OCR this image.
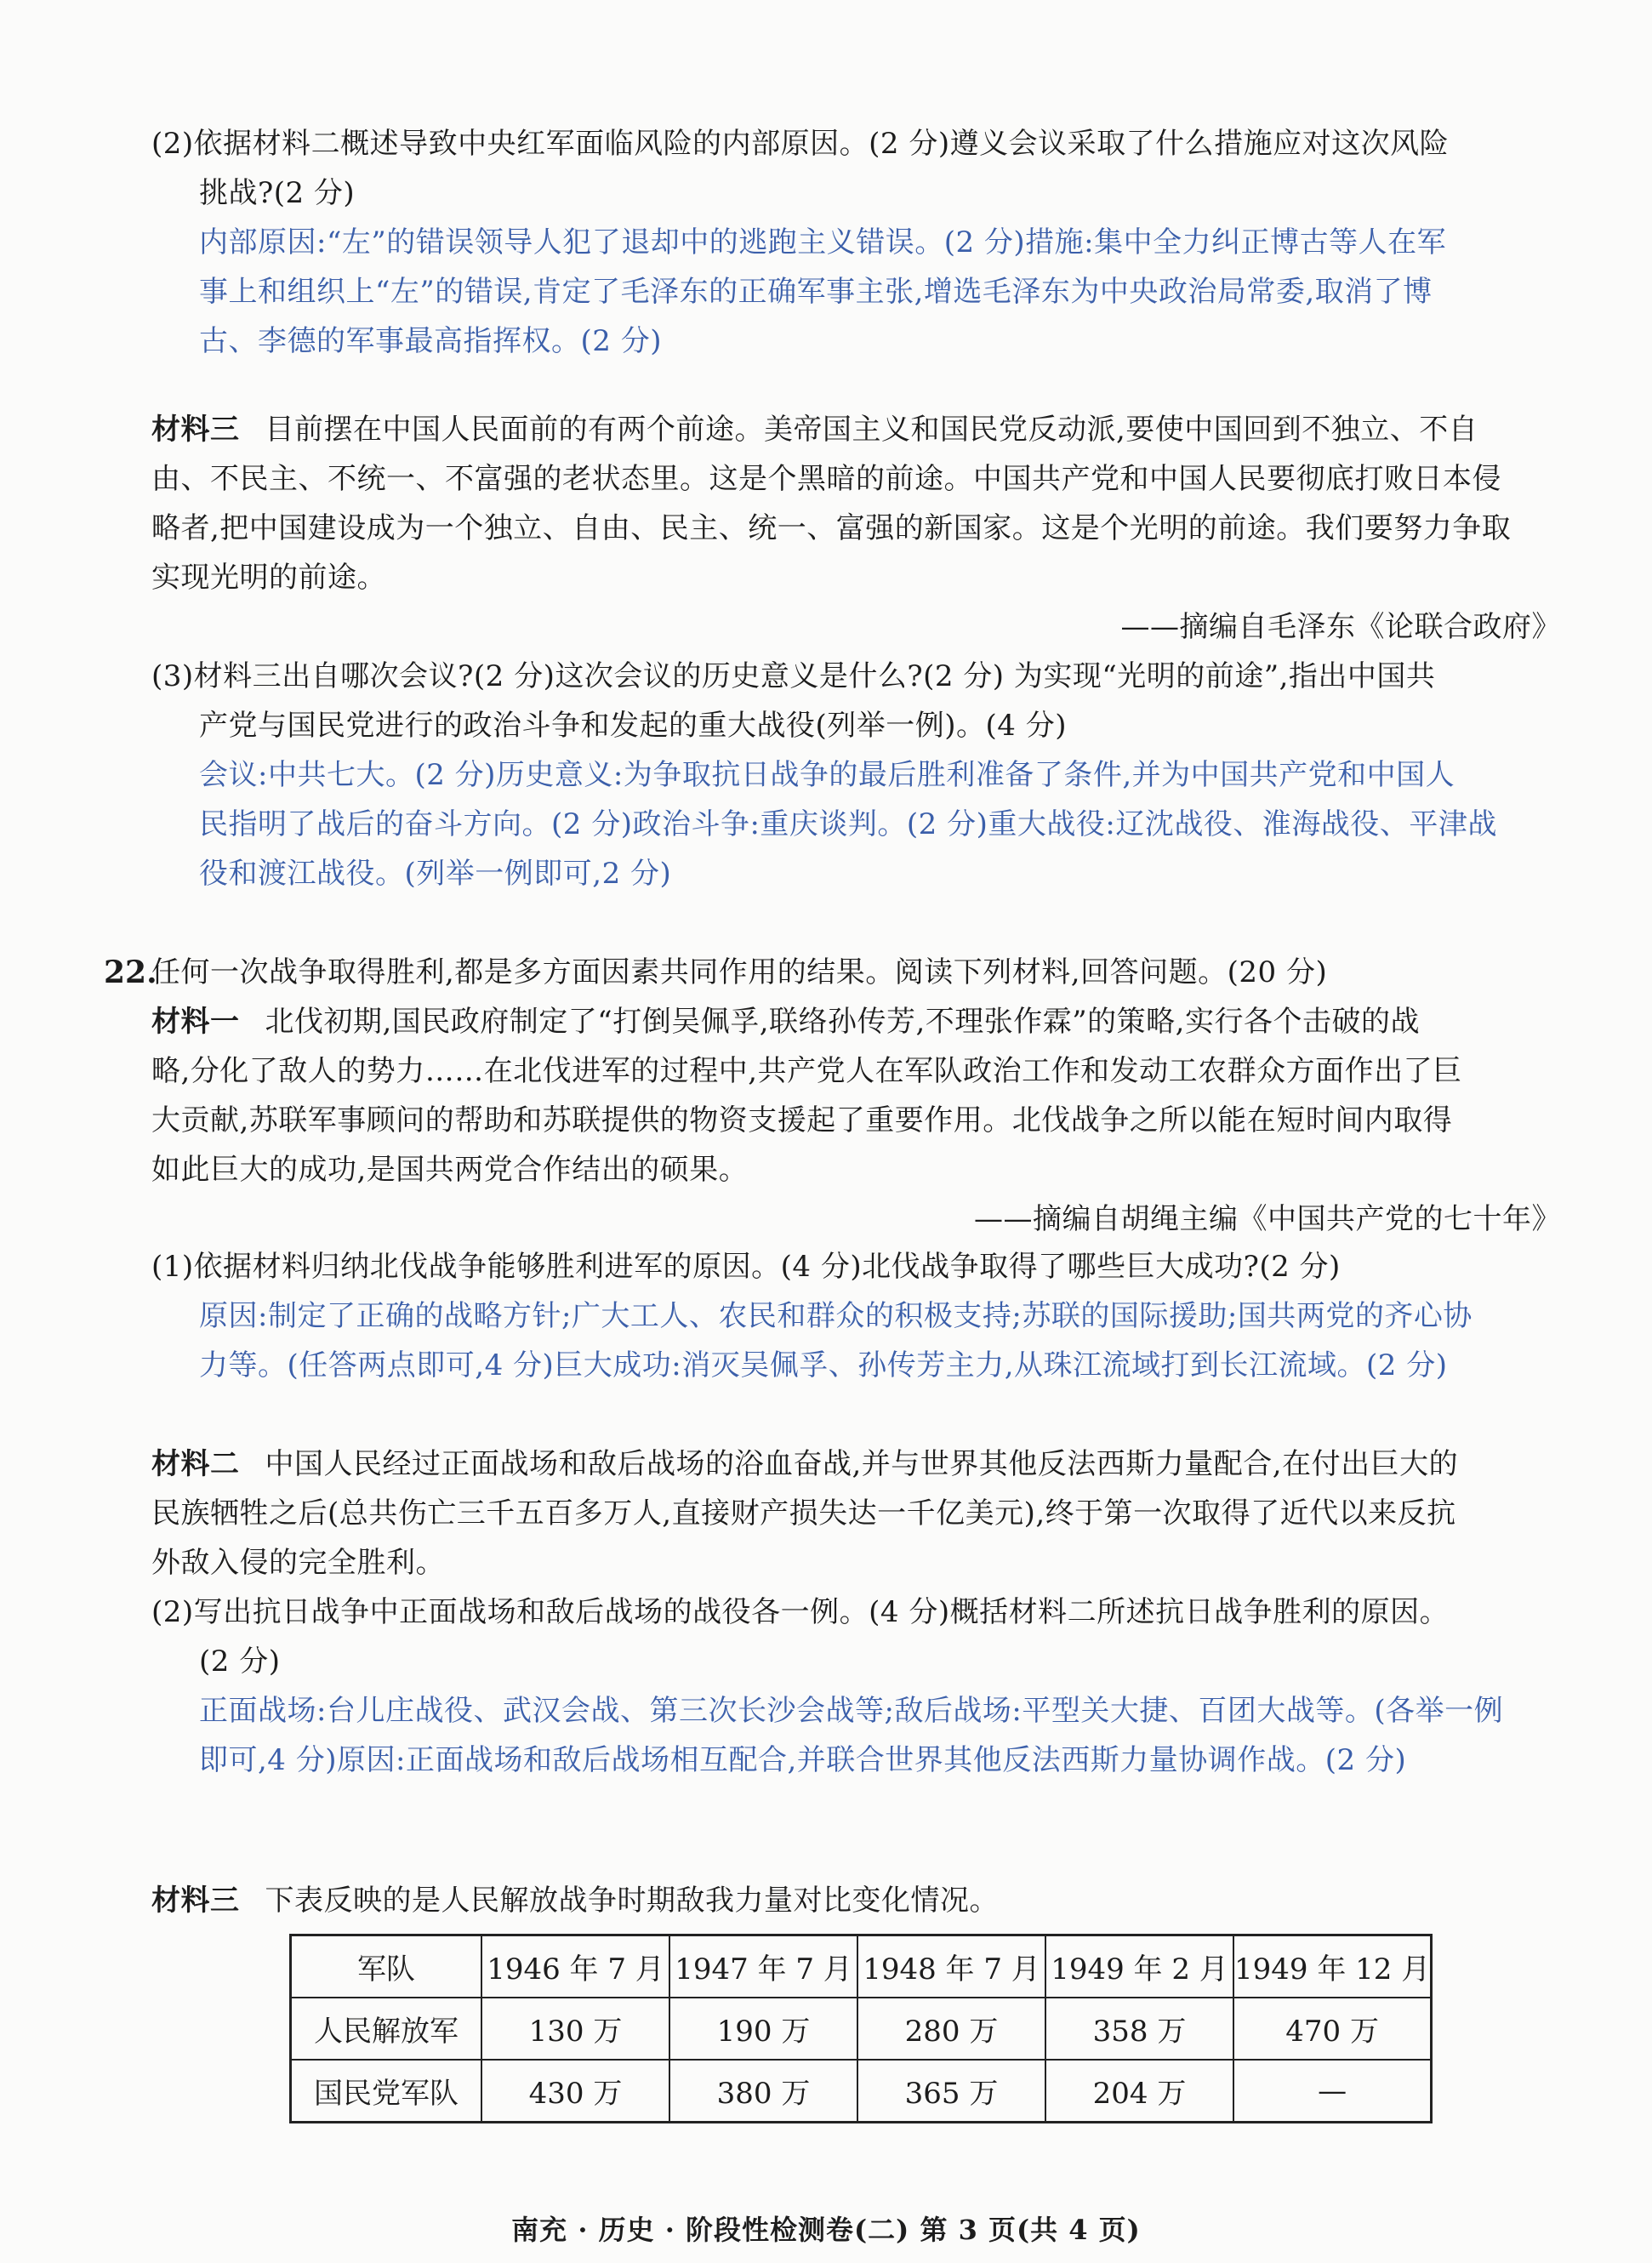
(2)依据材料二概述导致中央红军面临风险的内部原因。(2 分)遵义会议采取了什么措施应对这次风险
挑战?(2 分)
内部原因:“左”的错误领导人犯了退却中的逃跑主义错误。(2 分)措施:集中全力纠正博古等人在军
事上和组织上“左”的错误,肯定了毛泽东的正确军事主张,增选毛泽东为中央政治局常委,取消了博
古、李德的军事最高指挥权。(2 分)
材料三 目前摆在中国人民面前的有两个前途。美帝国主义和国民党反动派,要使中国回到不独立、不自
由、不民主、不统一、不富强的老状态里。这是个黑暗的前途。中国共产党和中国人民要彻底打败日本侵
略者,把中国建设成为一个独立、自由、民主、统一、富强的新国家。这是个光明的前途。我们要努力争取
实现光明的前途。
——摘编自毛泽东《论联合政府》
(3)材料三出自哪次会议?(2 分)这次会议的历史意义是什么?(2 分) 为实现“光明的前途”,指出中国共
产党与国民党进行的政治斗争和发起的重大战役(列举一例)。(4 分)
会议:中共七大。(2 分)历史意义:为争取抗日战争的最后胜利准备了条件,并为中国共产党和中国人
民指明了战后的奋斗方向。(2 分)政治斗争:重庆谈判。(2 分)重大战役:辽沈战役、淮海战役、平津战
役和渡江战役。(列举一例即可,2 分)
22.
任何一次战争取得胜利,都是多方面因素共同作用的结果。阅读下列材料,回答问题。(20 分)
材料一 北伐初期,国民政府制定了“打倒吴佩孚,联络孙传芳,不理张作霖”的策略,实行各个击破的战
略,分化了敌人的势力……在北伐进军的过程中,共产党人在军队政治工作和发动工农群众方面作出了巨
大贡献,苏联军事顾问的帮助和苏联提供的物资支援起了重要作用。北伐战争之所以能在短时间内取得
如此巨大的成功,是国共两党合作结出的硕果。
——摘编自胡绳主编《中国共产党的七十年》
(1)依据材料归纳北伐战争能够胜利进军的原因。(4 分)北伐战争取得了哪些巨大成功?(2 分)
原因:制定了正确的战略方针;广大工人、农民和群众的积极支持;苏联的国际援助;国共两党的齐心协
力等。(任答两点即可,4 分)巨大成功:消灭吴佩孚、孙传芳主力,从珠江流域打到长江流域。(2 分)
材料二 中国人民经过正面战场和敌后战场的浴血奋战,并与世界其他反法西斯力量配合,在付出巨大的
民族牺牲之后(总共伤亡三千五百多万人,直接财产损失达一千亿美元),终于第一次取得了近代以来反抗
外敌入侵的完全胜利。
(2)写出抗日战争中正面战场和敌后战场的战役各一例。(4 分)概括材料二所述抗日战争胜利的原因。
(2 分)
正面战场:台儿庄战役、武汉会战、第三次长沙会战等;敌后战场:平型关大捷、百团大战等。(各举一例
即可,4 分)原因:正面战场和敌后战场相互配合,并联合世界其他反法西斯力量协调作战。(2 分)
材料三 下表反映的是人民解放战争时期敌我力量对比变化情况。
军队	1946 年 7 月	1947 年 7 月	1948 年 7 月	1949 年 2 月	1949 年 12 月
人民解放军	130 万	190 万	280 万	358 万	470 万
国民党军队	430 万	380 万	365 万	204 万	—
南充 · 历史 · 阶段性检测卷(二) 第 3 页(共 4 页)
